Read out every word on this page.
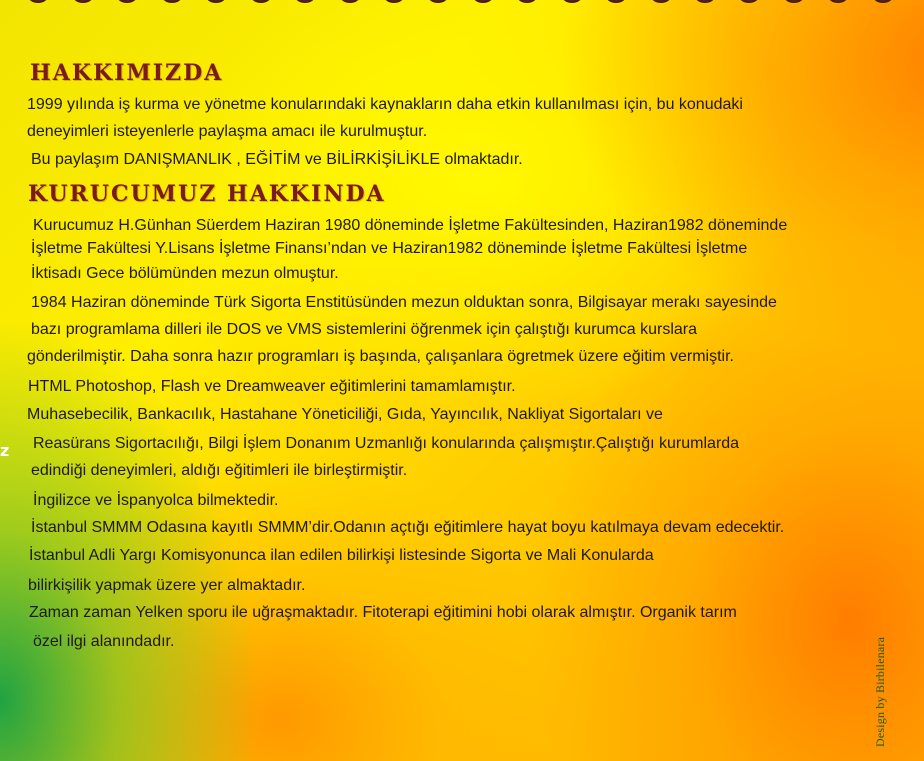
z
HAKKIMIZDA

1999 yılında iş kurma ve yönetme konularındaki kaynakların daha etkin kullanılması için, bu konudaki

deneyimleri isteyenlerle paylaşma amacı ile kurulmuştur.

Bu paylaşım DANIŞMANLIK , EĞİTİM ve BİLİRKİŞİLİKLE olmaktadır.

KURUCUMUZ HAKKINDA

Kurucumuz H.Günhan Süerdem Haziran 1980 döneminde İşletme Fakültesinden, Haziran1982 döneminde

İşletme Fakültesi Y.Lisans İşletme Finansı’ndan ve Haziran1982 döneminde İşletme Fakültesi İşletme

İktisadı Gece bölümünden mezun olmuştur.

1984 Haziran döneminde Türk Sigorta Enstitüsünden mezun olduktan sonra, Bilgisayar merakı sayesinde

bazı programlama dilleri ile DOS ve VMS sistemlerini öğrenmek için çalıştığı kurumca kurslara

gönderilmiştir. Daha sonra hazır programları iş başında, çalışanlara ögretmek üzere eğitim vermiştir.

HTML Photoshop, Flash ve Dreamweaver eğitimlerini tamamlamıştır.

Muhasebecilik, Bankacılık, Hastahane Yöneticiliği, Gıda, Yayıncılık, Nakliyat Sigortaları ve

Reasürans Sigortacılığı, Bilgi İşlem Donanım Uzmanlığı konularında çalışmıştır.Çalıştığı kurumlarda

edindiği deneyimleri, aldığı eğitimleri ile birleştirmiştir.

İngilizce ve İspanyolca bilmektedir.

İstanbul SMMM Odasına kayıtlı SMMM’dir.Odanın açtığı eğitimlere hayat boyu katılmaya devam edecektir.

İstanbul Adli Yargı Komisyonunca ilan edilen bilirkişi listesinde Sigorta ve Mali Konularda

bilirkişilik yapmak üzere yer almaktadır.

Zaman zaman Yelken sporu ile uğraşmaktadır. Fitoterapi eğitimini hobi olarak almıştır. Organik tarım

özel ilgi alanındadır.	Design by Birbilenara
